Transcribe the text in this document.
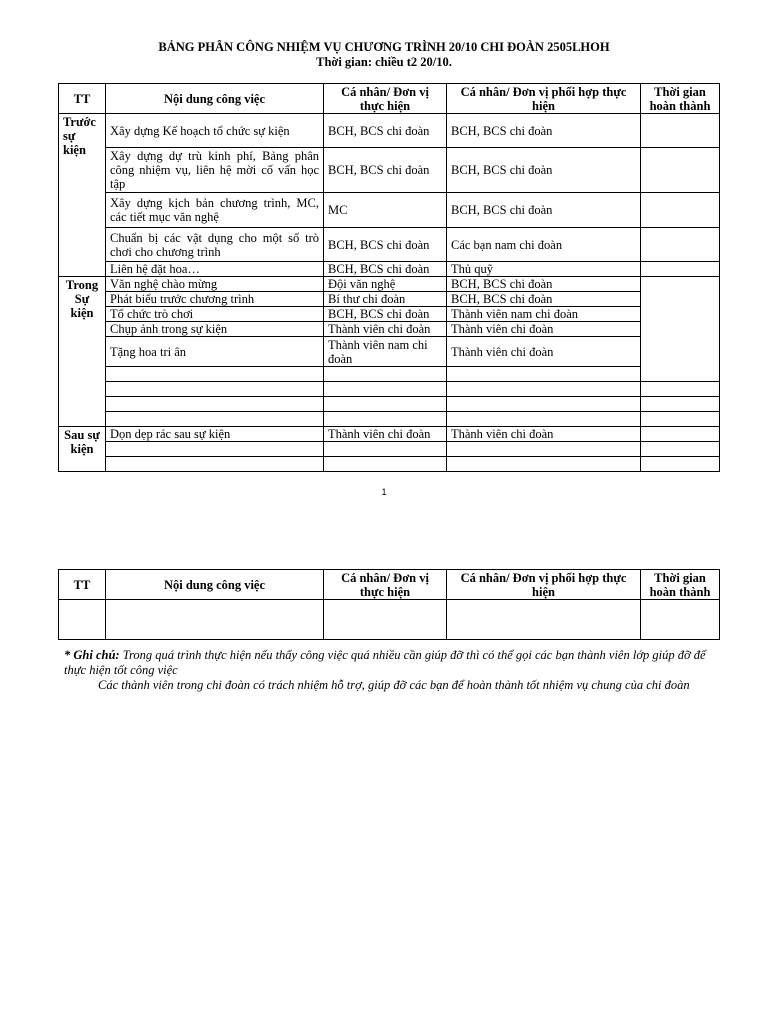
BẢNG PHÂN CÔNG NHIỆM VỤ CHƯƠNG TRÌNH 20/10 CHI ĐOÀN 2505LHOH
Thời gian: chiều t2 20/10.
TT	Nội dung công việc	Cá nhân/ Đơn vị thực hiện	Cá nhân/ Đơn vị phối hợp thực hiện	Thời gian hoàn thành
Trước sự kiện	Xây dựng Kế hoạch tổ chức sự kiện	BCH, BCS chi đoàn	BCH, BCS chi đoàn	
	Xây dựng dự trù kinh phí, Bảng phân công nhiệm vụ, liên hệ mời cố vấn học tập	BCH, BCS chi đoàn	BCH, BCS chi đoàn	
	Xây dựng kịch bản chương trình, MC, các tiết mục văn nghệ	MC	BCH, BCS chi đoàn	
	Chuẩn bị các vật dụng cho một số trò chơi cho chương trình	BCH, BCS chi đoàn	Các bạn nam chi đoàn	
	Liên hệ đặt hoa…	BCH, BCS chi đoàn	Thủ quỹ	
Trong Sự kiện	Văn nghệ chào mừng	Đội văn nghệ	BCH, BCS chi đoàn	
	Phát biểu trước chương trình	Bí thư chi đoàn	BCH, BCS chi đoàn	
	Tổ chức trò chơi	BCH, BCS chi đoàn	Thành viên nam chi đoàn	
	Chụp ảnh trong sự kiện	Thành viên chi đoàn	Thành viên chi đoàn	
	Tặng hoa tri ân	Thành viên nam chi đoàn	Thành viên chi đoàn	

Sau sự kiện	Dọn dẹp rác sau sự kiện	Thành viên chi đoàn	Thành viên chi đoàn	

1
TT	Nội dung công việc	Cá nhân/ Đơn vị thực hiện	Cá nhân/ Đơn vị phối hợp thực hiện	Thời gian hoàn thành

* Ghi chú: Trong quá trình thực hiện nếu thấy công việc quá nhiều cần giúp đỡ thì có thể gọi các bạn thành viên lớp giúp đỡ để thực hiện tốt công việc
Các thành viên trong chi đoàn có trách nhiệm hỗ trợ, giúp đỡ các bạn để hoàn thành tốt nhiệm vụ chung của chi đoàn
